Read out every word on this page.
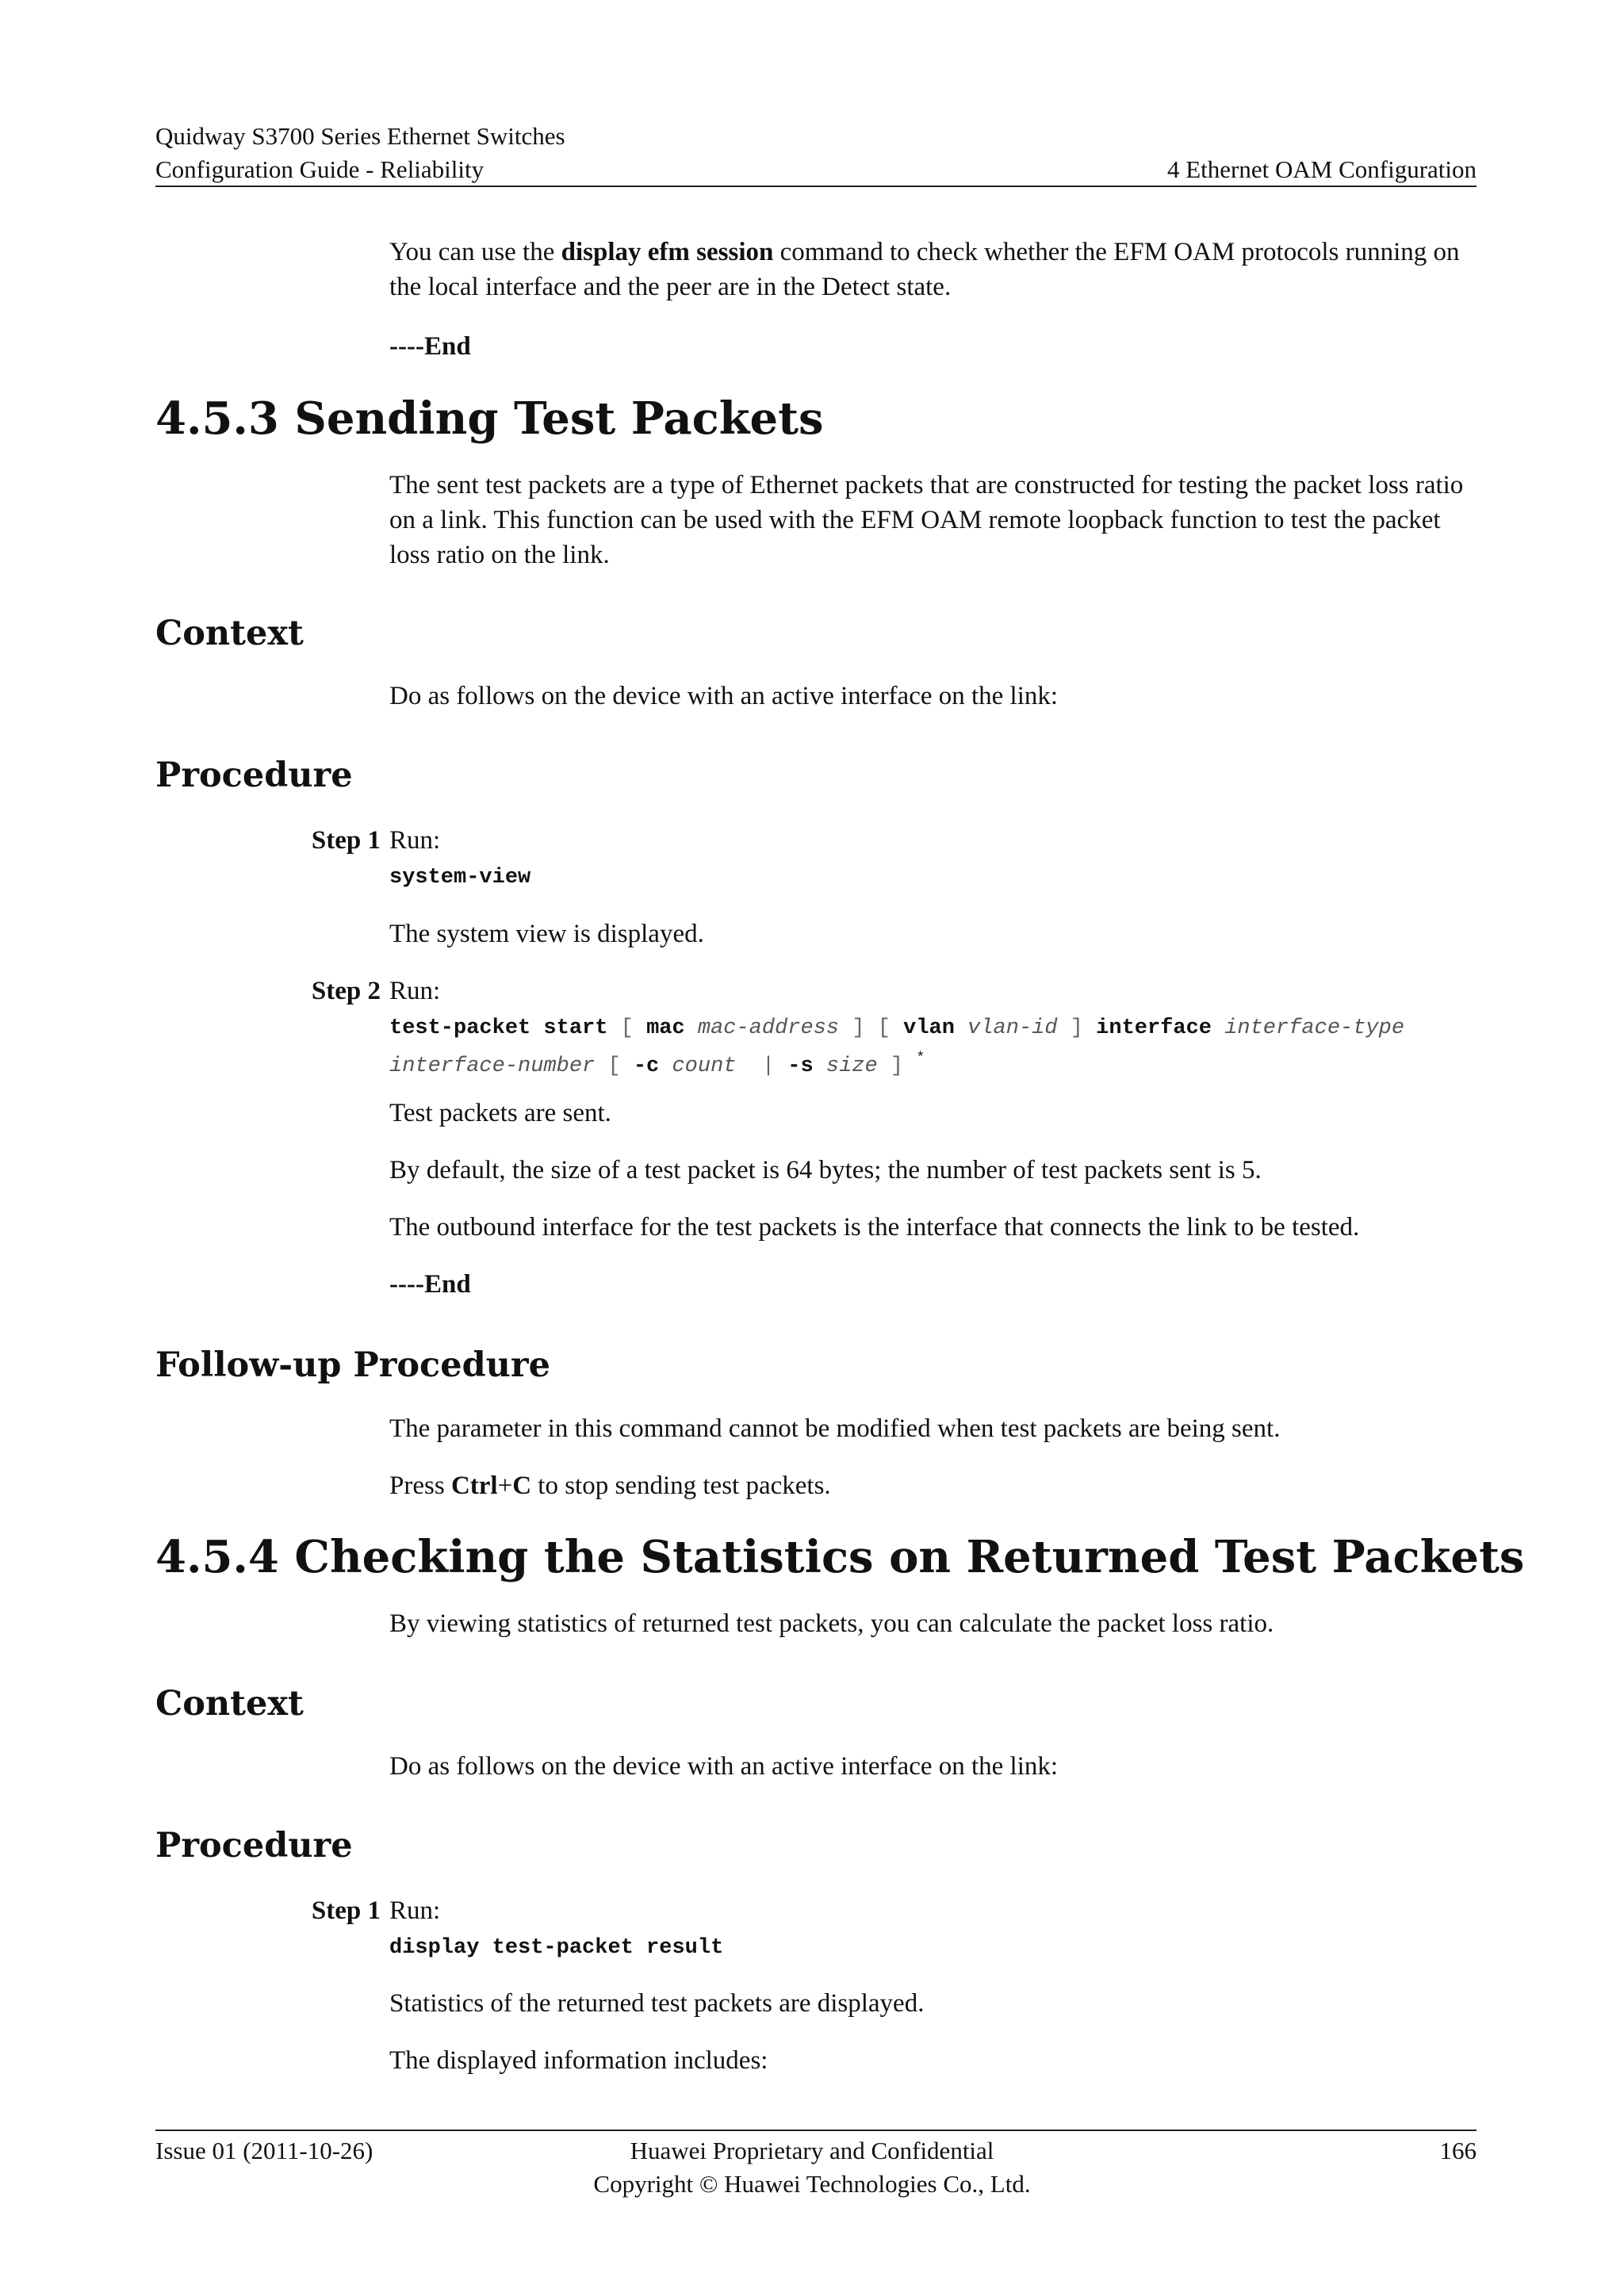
Quidway S3700 Series Ethernet Switches
Configuration Guide - Reliability	4 Ethernet OAM Configuration
You can use the display efm session command to check whether the EFM OAM protocols running on the local interface and the peer are in the Detect state.
----End
4.5.3 Sending Test Packets
The sent test packets are a type of Ethernet packets that are constructed for testing the packet loss ratio on a link. This function can be used with the EFM OAM remote loopback function to test the packet loss ratio on the link.
Context
Do as follows on the device with an active interface on the link:
Procedure
Step 1 Run:
system-view
The system view is displayed.
Step 2 Run:
test-packet start [ mac mac-address ] [ vlan vlan-id ] interface interface-type
interface-number [ -c count | -s size ] *
Test packets are sent.
By default, the size of a test packet is 64 bytes; the number of test packets sent is 5.
The outbound interface for the test packets is the interface that connects the link to be tested.
----End
Follow-up Procedure
The parameter in this command cannot be modified when test packets are being sent.
Press Ctrl+C to stop sending test packets.
4.5.4 Checking the Statistics on Returned Test Packets
By viewing statistics of returned test packets, you can calculate the packet loss ratio.
Context
Do as follows on the device with an active interface on the link:
Procedure
Step 1 Run:
display test-packet result
Statistics of the returned test packets are displayed.
The displayed information includes:
Issue 01 (2011-10-26)	Huawei Proprietary and Confidential
Copyright © Huawei Technologies Co., Ltd.
166
